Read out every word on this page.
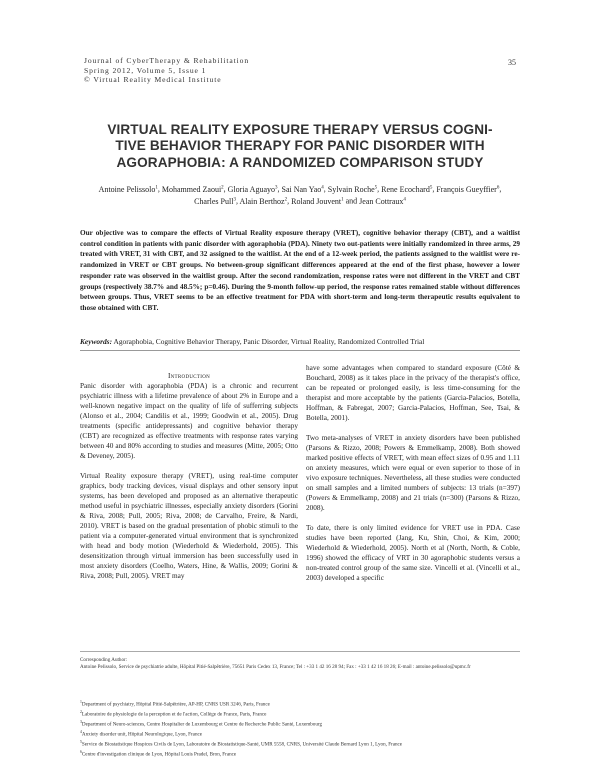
Journal of CyberTherapy & Rehabilitation
Spring 2012, Volume 5, Issue 1
© Virtual Reality Medical Institute
35
VIRTUAL REALITY EXPOSURE THERAPY VERSUS COGNI-
TIVE BEHAVIOR THERAPY FOR PANIC DISORDER WITH
AGORAPHOBIA: A RANDOMIZED COMPARISON STUDY
Antoine Pelissolo$^1$, Mohammed Zaoui$^2$, Gloria Aguayo$^3$, Sai Nan Yao$^4$, Sylvain Roche$^5$, Rene Ecochard$^5$, François Gueyffier$^6$,
Charles Pull$^3$, Alain Berthoz$^2$, Roland Jouvent$^1$ and Jean Cottraux$^4$
Our objective was to compare the effects of Virtual Reality exposure therapy (VRET), cognitive behavior therapy (CBT), and a waitlist control condition in patients with panic disorder with agoraphobia (PDA). Ninety two out-patients were initially randomized in three arms, 29 treated with VRET, 31 with CBT, and 32 assigned to the waitlist. At the end of a 12-week period, the patients assigned to the waitlist were re-randomized in VRET or CBT groups. No between-group significant differences appeared at the end of the first phase, however a lower responder rate was observed in the waitlist group. After the second randomization, response rates were not different in the VRET and CBT groups (respectively 38.7% and 48.5%; p=0.46). During the 9-month follow-up period, the response rates remained stable without differences between groups. Thus, VRET seems to be an effective treatment for PDA with short-term and long-term therapeutic results equivalent to those obtained with CBT.
Keywords: Agoraphobia, Cognitive Behavior Therapy, Panic Disorder, Virtual Reality, Randomized Controlled Trial
Introduction

Panic disorder with agoraphobia (PDA) is a chronic and recurrent psychiatric illness with a lifetime prevalence of about 2% in Europe and a well-known negative impact on the quality of life of sufferring subjects (Alonso et al., 2004; Candilis et al., 1999; Goodwin et al., 2005). Drug treatments (specific antidepressants) and cognitive behavior therapy (CBT) are recognized as effective treatments with response rates varying between 40 and 80% according to studies and measures (Mitte, 2005; Otto & Deveney, 2005).

Virtual Reality exposure therapy (VRET), using real-time computer graphics, body tracking devices, visual displays and other sensory input systems, has been developed and proposed as an alternative therapeutic method useful in psychiatric illnesses, especially anxiety disorders (Gorini & Riva, 2008; Pull, 2005; Riva, 2008; de Carvalho, Freire, & Nardi, 2010). VRET is based on the gradual presentation of phobic stimuli to the patient via a computer-generated virtual environment that is synchronized with head and body motion (Wiederhold & Wiederhold, 2005). This desensitization through virtual immersion has been successfully used in most anxiety disorders (Coelho, Waters, Hine, & Wallis, 2009; Gorini & Riva, 2008; Pull, 2005). VRET may

have some advantages when compared to standard exposure (Côté & Bouchard, 2008) as it takes place in the privacy of the therapist's office, can be repeated or prolonged easily, is less time-consuming for the therapist and more acceptable by the patients (Garcia-Palacios, Botella, Hoffman, & Fabregat, 2007; Garcia-Palacios, Hoffman, See, Tsai, & Botella, 2001).

Two meta-analyses of VRET in anxiety disorders have been published (Parsons & Rizzo, 2008; Powers & Emmelkamp, 2008). Both showed marked positive effects of VRET, with mean effect sizes of 0.95 and 1.11 on anxiety measures, which were equal or even superior to those of in vivo exposure techniques. Nevertheless, all these studies were conducted on small samples and a limited numbers of subjects: 13 trials (n=397) (Powers & Emmelkamp, 2008) and 21 trials (n=300) (Parsons & Rizzo, 2008).

To date, there is only limited evidence for VRET use in PDA. Case studies have been reported (Jang, Ku, Shin, Choi, & Kim, 2000; Wiederhold & Wiederhold, 2005). North et al (North, North, & Coble, 1996) showed the efficacy of VRT in 30 agoraphobic students versus a non-treated control group of the same size. Vincelli et al. (Vincelli et al., 2003) developed a specific

Corresponding Author:
Antoine Pelissolo, Service de psychiatrie adulte, Hôpital Pitié-Salpêtrière, 75651 Paris Cedex 13, France; Tel : +33 1 42 16 28 94; Fax : +33 1 42 16 18 26; E-mail : antoine.pelissolo@upmc.fr
$^1$Department of psychiatry, Hôpital Pitié-Salpêtrière, AP-HP, CNRS USR 3246, Paris, France
$^2$Laboratoire de physiologie de la perception et de l'action, Collège de France, Paris, France
$^3$Department of Neuro-sciences, Centre Hospitalier de Luxembourg et Centre de Recherche Public Santé, Luxembourg
$^4$Anxiety disorder unit, Hôpital Neurologique, Lyon, France
$^5$Service de Biostatistique Hospices Civils de Lyon, Laboratoire de Biostatistique-Santé, UMR 5558, CNRS, Université Claude Bernard Lyon 1, Lyon, France
$^6$Centre d'investigation clinique de Lyon, Hôpital Louis Pradel, Bron, France
